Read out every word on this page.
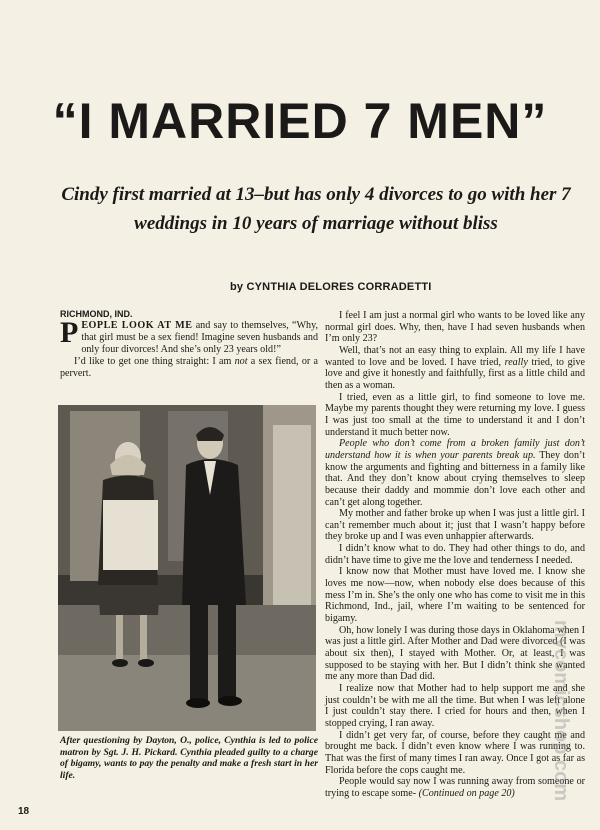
“I MARRIED 7 MEN”
Cindy first married at 13–but has only 4 divorces to go with her 7 weddings in 10 years of marriage without bliss
by CYNTHIA DELORES CORRADETTI
RICHMOND, IND.

PEOPLE LOOK AT ME and say to themselves, “Why, that girl must be a sex fiend! Imagine seven husbands and only four divorces! And she’s only 23 years old!”

I’d like to get one thing straight: I am not a sex fiend, or a pervert.

After questioning by Dayton, O., police, Cynthia is led to police matron by Sgt. J. H. Pickard. Cynthia pleaded guilty to a charge of bigamy, wants to pay the penalty and make a fresh start in her life.

I feel I am just a normal girl who wants to be loved like any normal girl does. Why, then, have I had seven husbands when I’m only 23?

Well, that’s not an easy thing to explain. All my life I have wanted to love and be loved. I have tried, really tried, to give love and give it honestly and faithfully, first as a little child and then as a woman.

I tried, even as a little girl, to find someone to love me. Maybe my parents thought they were returning my love. I guess I was just too small at the time to understand it and I don’t understand it much better now.

People who don’t come from a broken family just don’t understand how it is when your parents break up. They don’t know the arguments and fighting and bitterness in a family like that. And they don’t know about crying themselves to sleep because their daddy and mommie don’t love each other and can’t get along together.

My mother and father broke up when I was just a little girl. I can’t remember much about it; just that I wasn’t happy before they broke up and I was even unhappier afterwards.

I didn’t know what to do. They had other things to do, and didn’t have time to give me the love and tenderness I needed.

I know now that Mother must have loved me. I know she loves me now—now, when nobody else does because of this mess I’m in. She’s the only one who has come to visit me in this Richmond, Ind., jail, where I’m waiting to be sentenced for bigamy.

Oh, how lonely I was during those days in Oklahoma when I was just a little girl. After Mother and Dad were divorced (I was about six then), I stayed with Mother. Or, at least, I was supposed to be staying with her. But I didn’t think she wanted me any more than Dad did.

I realize now that Mother had to help support me and she just couldn’t be with me all the time. But when I was left alone I just couldn’t stay there. I cried for hours and then, when I stopped crying, I ran away.

I didn’t get very far, of course, before they caught me and brought me back. I didn’t even know where I was running to. That was the first of many times I ran away. Once I got as far as Florida before the cops caught me.

People would say now I was running away from someone or trying to escape some- (Continued on page 20)

18
mycomicshop.com
